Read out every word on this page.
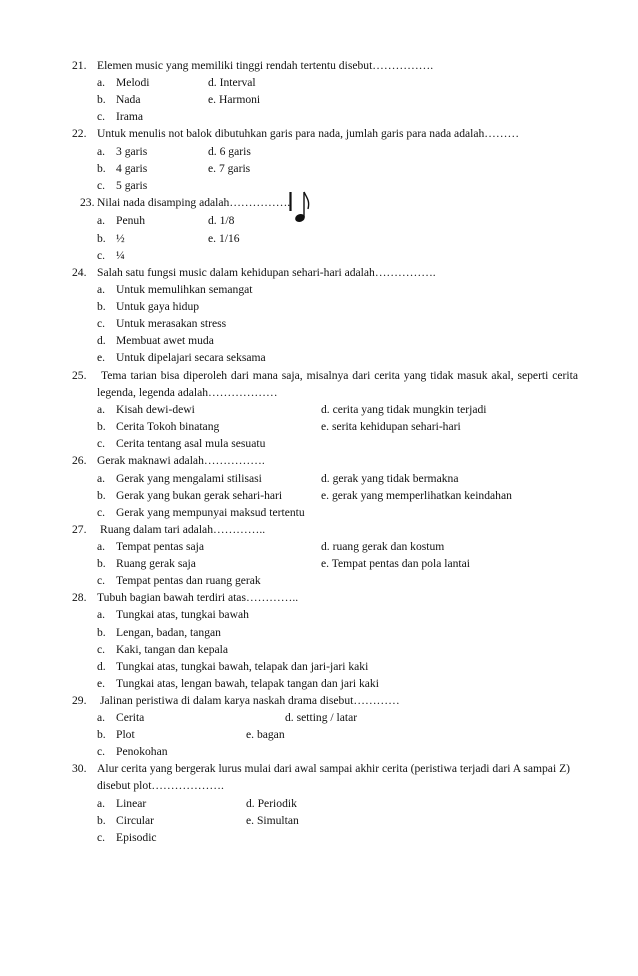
21. Elemen music yang memiliki tinggi rendah tertentu disebut…………….
a. Melodi	d. Interval
b. Nada	e. Harmoni
c. Irama
22. Untuk menulis not balok dibutuhkan garis para nada, jumlah garis para nada adalah………
a. 3 garis	d. 6 garis
b. 4 garis	e. 7 garis
c. 5 garis
23. Nilai nada disamping adalah…………….
a. Penuh	d. 1/8
b. ½	e. 1/16
c. ¼
24. Salah satu fungsi music dalam kehidupan sehari-hari adalah…………….
a. Untuk memulihkan semangat
b. Untuk gaya hidup
c. Untuk merasakan stress
d. Membuat awet muda
e. Untuk dipelajari secara seksama
25. Tema tarian bisa diperoleh dari mana saja, misalnya dari cerita yang tidak masuk akal, seperti cerita
legenda, legenda adalah………………
a. Kisah dewi-dewi	d. cerita yang tidak mungkin terjadi
b. Cerita Tokoh binatang	e. serita kehidupan sehari-hari
c. Cerita tentang asal mula sesuatu
26. Gerak maknawi adalah…………….
a. Gerak yang mengalami stilisasi	d. gerak yang tidak bermakna
b. Gerak yang bukan gerak sehari-hari	e. gerak yang memperlihatkan keindahan
c. Gerak yang mempunyai maksud tertentu
27. Ruang dalam tari adalah…………..
a. Tempat pentas saja	d. ruang gerak dan kostum
b. Ruang gerak saja	e. Tempat pentas dan pola lantai
c. Tempat pentas dan ruang gerak
28. Tubuh bagian bawah terdiri atas…………..
a. Tungkai atas, tungkai bawah
b. Lengan, badan, tangan
c. Kaki, tangan dan kepala
d. Tungkai atas, tungkai bawah, telapak dan jari-jari kaki
e. Tungkai atas, lengan bawah, telapak tangan dan jari kaki
29. Jalinan peristiwa di dalam karya naskah drama disebut…………
a. Cerita	d. setting / latar
b. Plot	e. bagan
c. Penokohan
30. Alur cerita yang bergerak lurus mulai dari awal sampai akhir cerita (peristiwa terjadi dari A sampai Z)
disebut plot……………….
a. Linear	d. Periodik
b. Circular	e. Simultan
c. Episodic
